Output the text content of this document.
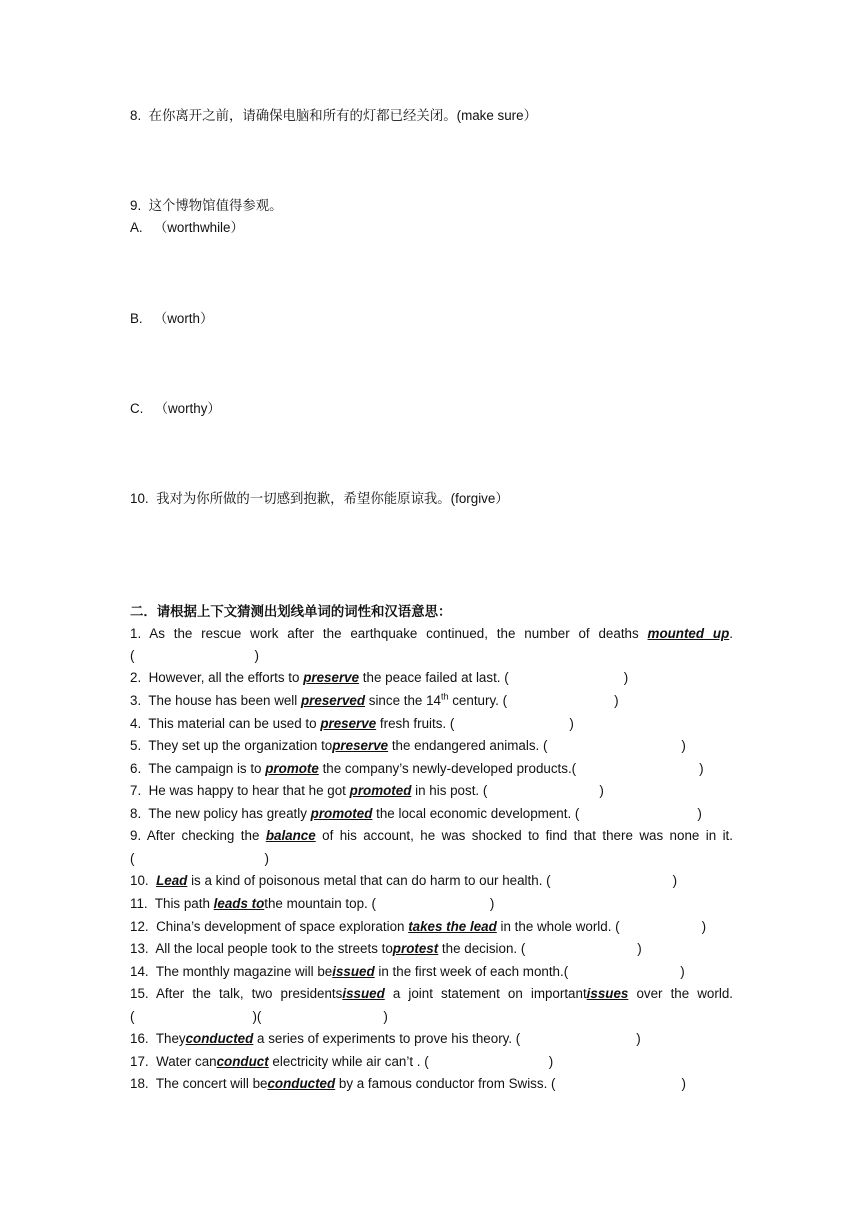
8. 在你离开之前，请确保电脑和所有的灯都已经关闭。(make sure）
9. 这个博物馆值得参观。
A. （worthwhile）
B. （worth）
C. （worthy）
10. 我对为你所做的一切感到抱歉，希望你能原谅我。(forgive）
二．请根据上下文猜测出划线单词的词性和汉语意思：
1. As the rescue work after the earthquake continued, the number of deaths mounted up.
(	)
2. However, all the efforts to preserve the peace failed at last. (	)
3. The house has been well preserved since the 14th century. (	)
4. This material can be used to preserve fresh fruits. (	)
5. They set up the organization topreserve the endangered animals. (	)
6. The campaign is to promote the company’s newly-developed products.(	)
7. He was happy to hear that he got promoted in his post. (	)
8. The new policy has greatly promoted the local economic development. (	)
9. After checking the balance of his account, he was shocked to find that there was none in it.
(	)
10. Lead is a kind of poisonous metal that can do harm to our health. (	)
11. This path leads tothe mountain top. (	)
12. China’s development of space exploration takes the lead in the whole world. (	)
13. All the local people took to the streets toprotest the decision. (	)
14. The monthly magazine will beissued in the first week of each month.(	)
15. After the talk, two presidentsissued a joint statement on importantissues over the world.
(	)(	)
16. Theyconducted a series of experiments to prove his theory. (	)
17. Water canconduct electricity while air can’t . (	)
18. The concert will beconducted by a famous conductor from Swiss. (	)
